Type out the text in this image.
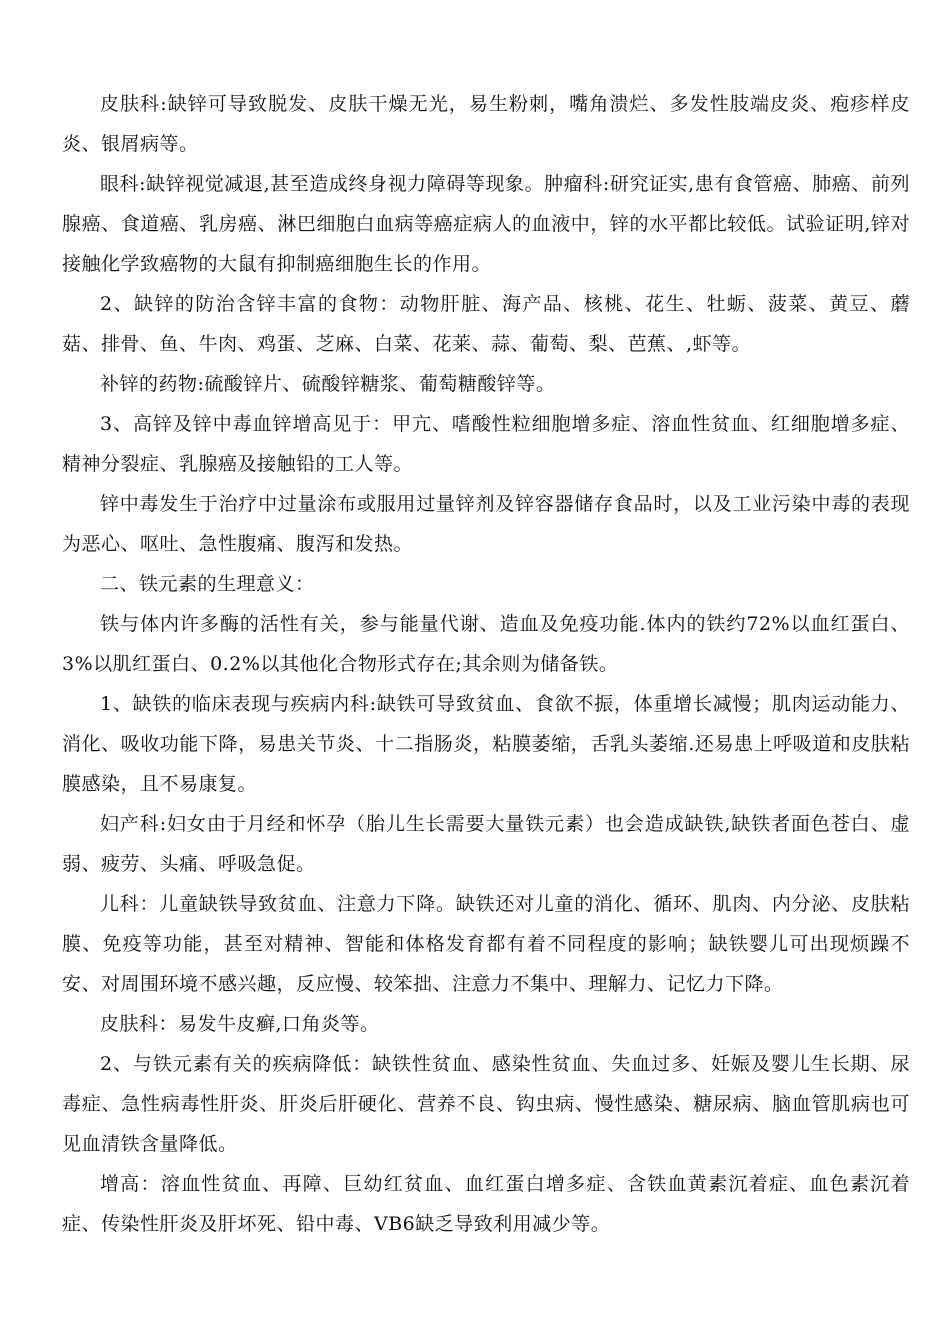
皮肤科:缺锌可导致脱发、皮肤干燥无光，易生粉刺，嘴角溃烂、多发性肢端皮炎、疱疹样皮炎、银屑病等。

眼科:缺锌视觉减退,甚至造成终身视力障碍等现象。肿瘤科:研究证实,患有食管癌、肺癌、前列腺癌、食道癌、乳房癌、淋巴细胞白血病等癌症病人的血液中，锌的水平都比较低。试验证明,锌对接触化学致癌物的大鼠有抑制癌细胞生长的作用。

2、缺锌的防治含锌丰富的食物：动物肝脏、海产品、核桃、花生、牡蛎、菠菜、黄豆、蘑菇、排骨、鱼、牛肉、鸡蛋、芝麻、白菜、花莱、蒜、葡萄、梨、芭蕉、,虾等。

补锌的药物:硫酸锌片、硫酸锌糖浆、葡萄糖酸锌等。

3、高锌及锌中毒血锌增高见于：甲亢、嗜酸性粒细胞增多症、溶血性贫血、红细胞增多症、精神分裂症、乳腺癌及接触铅的工人等。

锌中毒发生于治疗中过量涂布或服用过量锌剂及锌容器储存食品时，以及工业污染中毒的表现为恶心、呕吐、急性腹痛、腹泻和发热。

二、铁元素的生理意义：

铁与体内许多酶的活性有关，参与能量代谢、造血及免疫功能.体内的铁约72%以血红蛋白、3%以肌红蛋白、0.2%以其他化合物形式存在;其余则为储备铁。

1、缺铁的临床表现与疾病内科:缺铁可导致贫血、食欲不振，体重增长减慢；肌肉运动能力、消化、吸收功能下降，易患关节炎、十二指肠炎，粘膜萎缩，舌乳头萎缩.还易患上呼吸道和皮肤粘膜感染，且不易康复。

妇产科:妇女由于月经和怀孕（胎儿生长需要大量铁元素）也会造成缺铁,缺铁者面色苍白、虚弱、疲劳、头痛、呼吸急促。

儿科：儿童缺铁导致贫血、注意力下降。缺铁还对儿童的消化、循环、肌肉、内分泌、皮肤粘膜、免疫等功能，甚至对精神、智能和体格发育都有着不同程度的影响；缺铁婴儿可出现烦躁不安、对周围环境不感兴趣，反应慢、较笨拙、注意力不集中、理解力、记忆力下降。

皮肤科：易发牛皮癣,口角炎等。

2、与铁元素有关的疾病降低：缺铁性贫血、感染性贫血、失血过多、妊娠及婴儿生长期、尿毒症、急性病毒性肝炎、肝炎后肝硬化、营养不良、钩虫病、慢性感染、糖尿病、脑血管肌病也可见血清铁含量降低。

增高：溶血性贫血、再障、巨幼红贫血、血红蛋白增多症、含铁血黄素沉着症、血色素沉着症、传染性肝炎及肝坏死、铅中毒、VB6缺乏导致利用减少等。
